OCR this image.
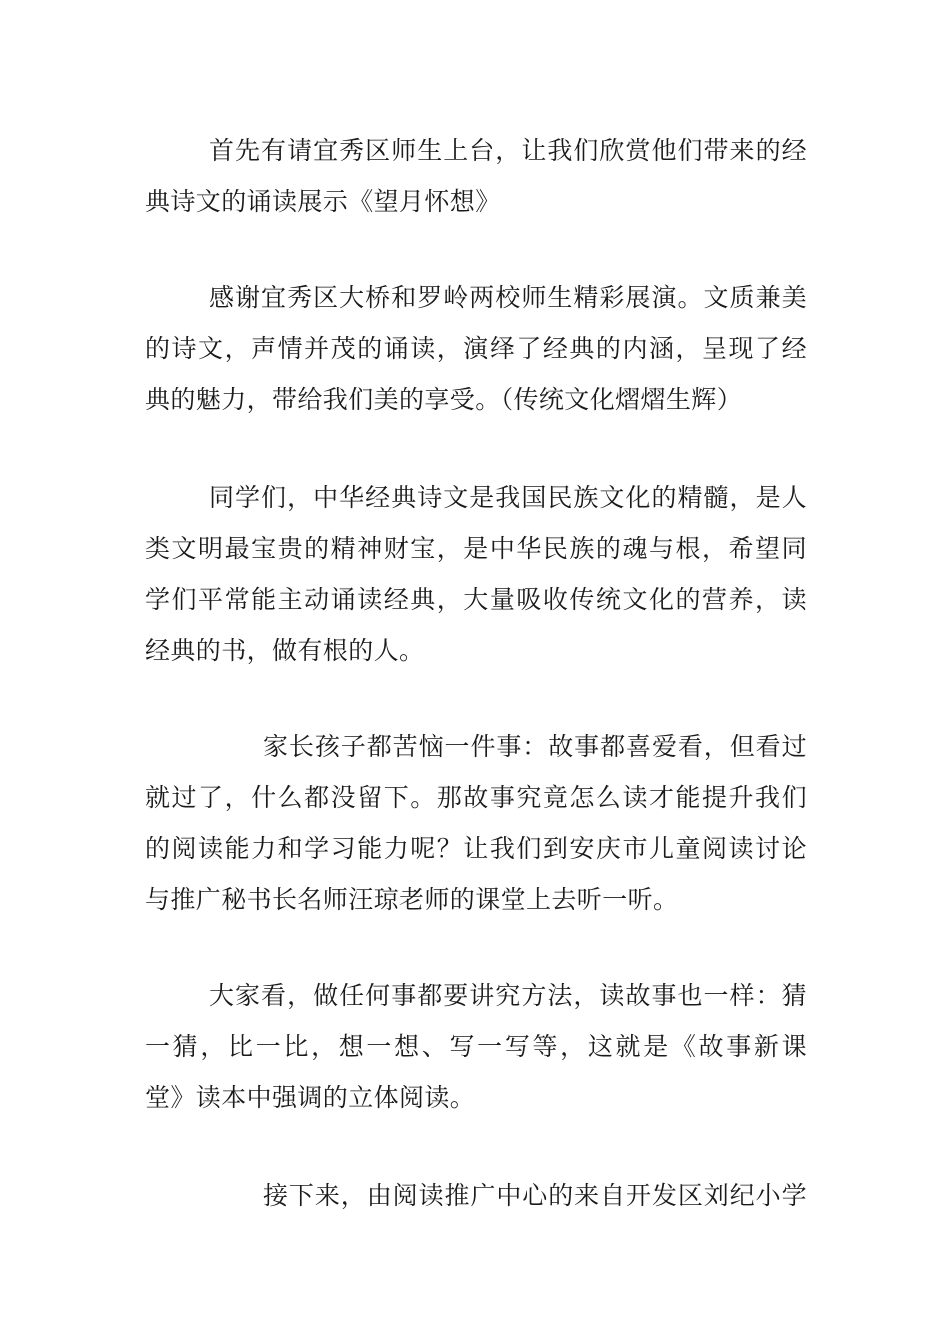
首先有请宜秀区师生上台，让我们欣赏他们带来的经
典诗文的诵读展示《望月怀想》
感谢宜秀区大桥和罗岭两校师生精彩展演。文质兼美
的诗文，声情并茂的诵读，演绎了经典的内涵，呈现了经
典的魅力，带给我们美的享受。（传统文化熠熠生辉）
同学们，中华经典诗文是我国民族文化的精髓，是人
类文明最宝贵的精神财宝，是中华民族的魂与根，希望同
学们平常能主动诵读经典，大量吸收传统文化的营养，读
经典的书，做有根的人。
家长孩子都苦恼一件事：故事都喜爱看，但看过
就过了，什么都没留下。那故事究竟怎么读才能提升我们
的阅读能力和学习能力呢？让我们到安庆市儿童阅读讨论
与推广秘书长名师汪琼老师的课堂上去听一听。
大家看，做任何事都要讲究方法，读故事也一样：猜
一猜，比一比，想一想、写一写等，这就是《故事新课
堂》读本中强调的立体阅读。
接下来，由阅读推广中心的来自开发区刘纪小学
